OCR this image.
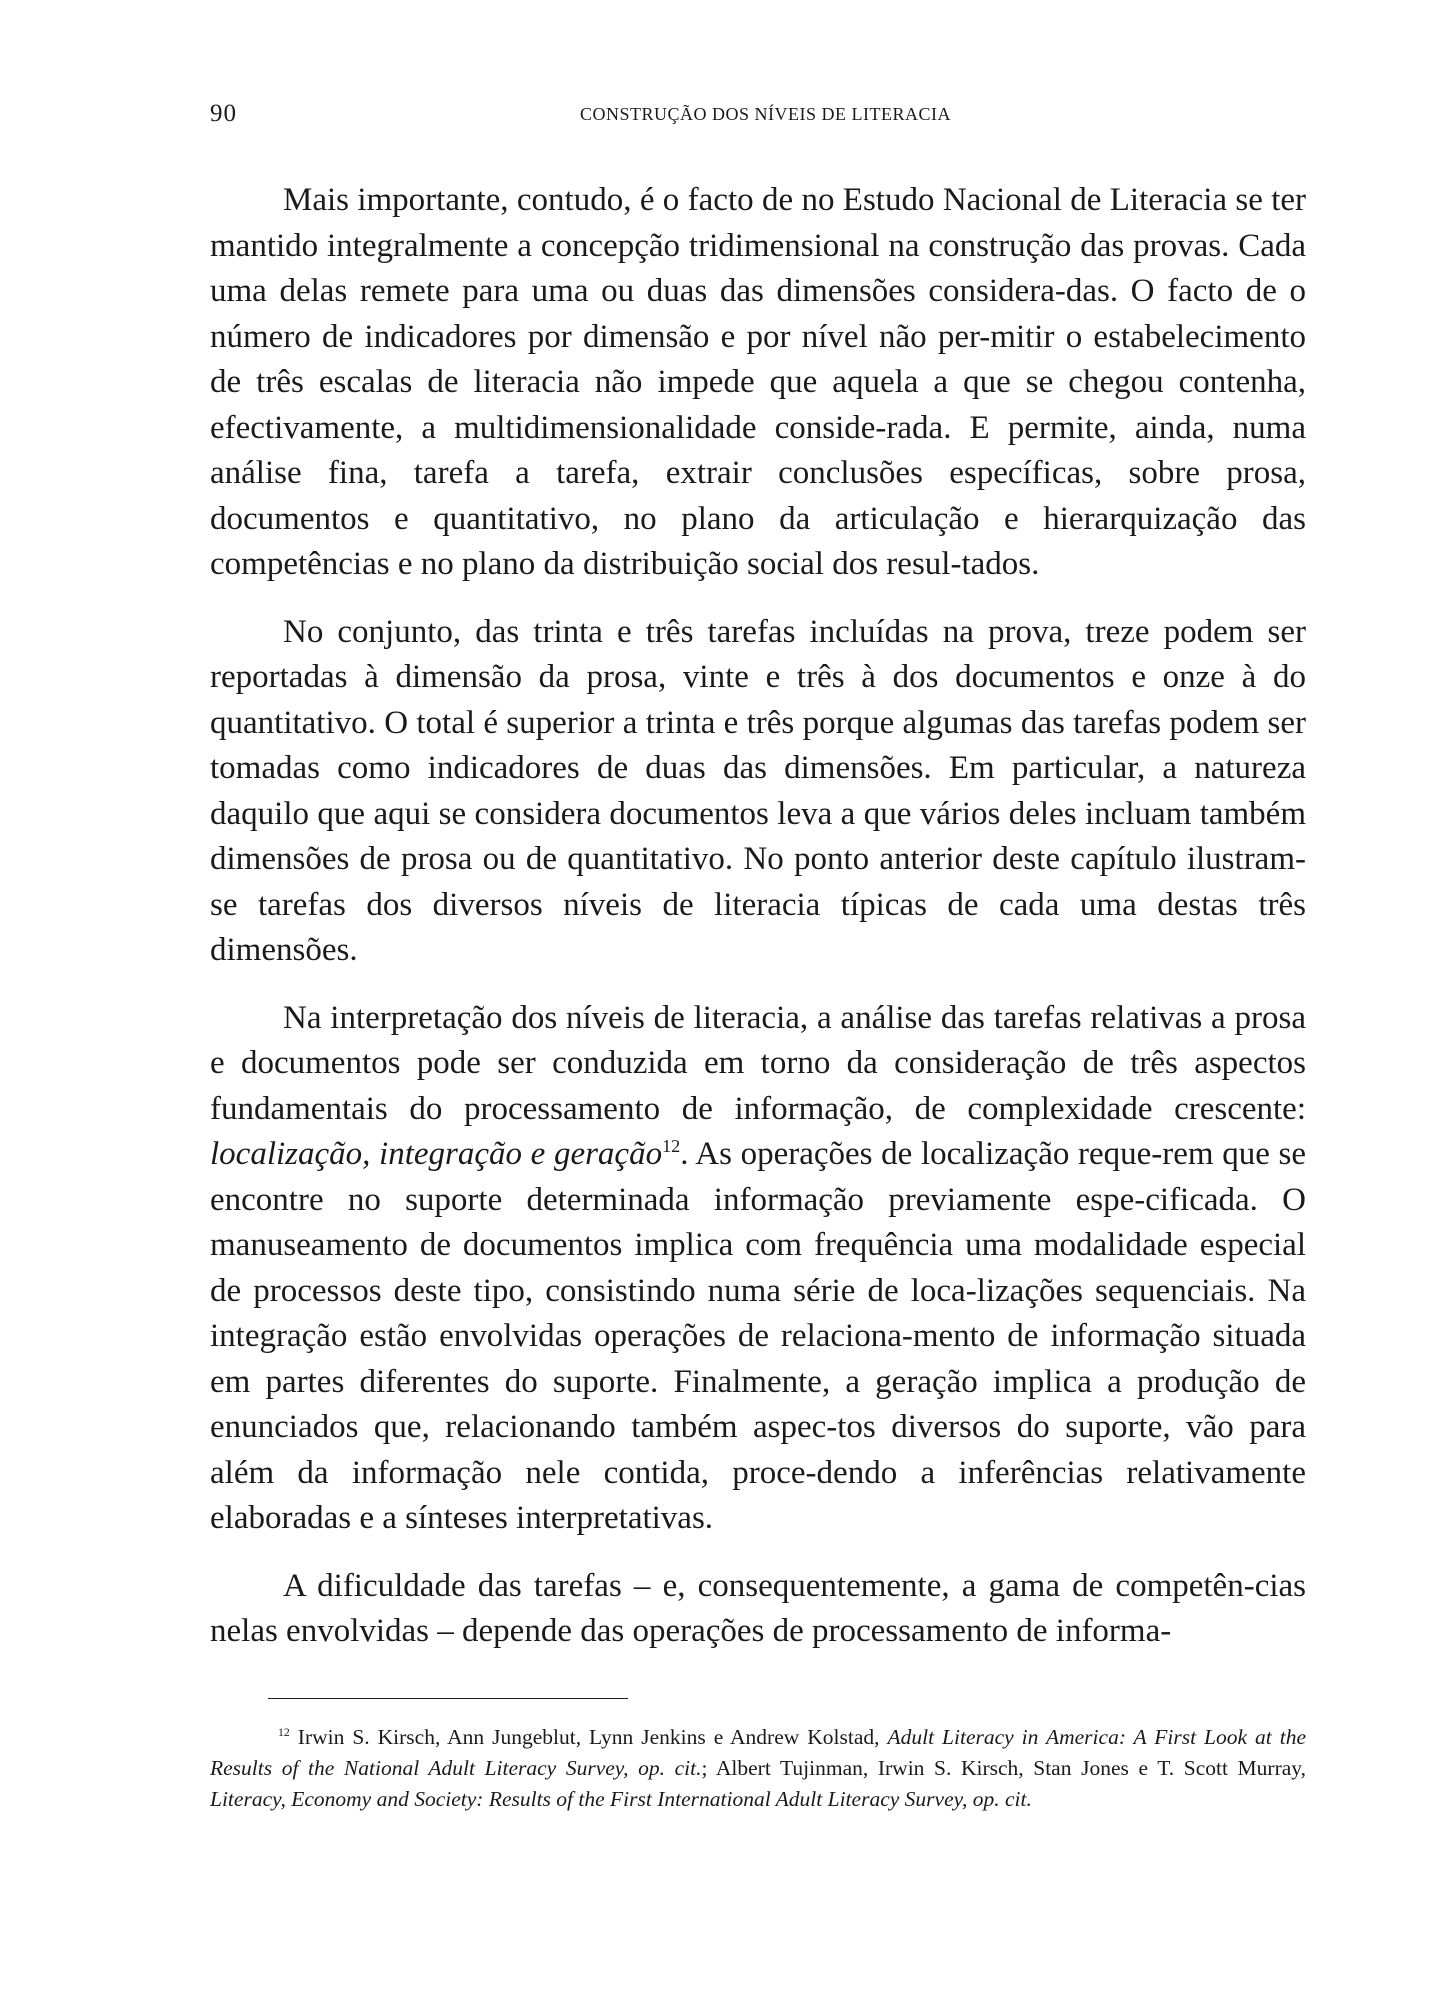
90	CONSTRUÇÃO DOS NÍVEIS DE LITERACIA

Mais importante, contudo, é o facto de no Estudo Nacional de Literacia se ter mantido integralmente a concepção tridimensional na construção das provas. Cada uma delas remete para uma ou duas das dimensões considera-das. O facto de o número de indicadores por dimensão e por nível não per-mitir o estabelecimento de três escalas de literacia não impede que aquela a que se chegou contenha, efectivamente, a multidimensionalidade conside-rada. E permite, ainda, numa análise fina, tarefa a tarefa, extrair conclusões específicas, sobre prosa, documentos e quantitativo, no plano da articulação e hierarquização das competências e no plano da distribuição social dos resul-tados.

No conjunto, das trinta e três tarefas incluídas na prova, treze podem ser reportadas à dimensão da prosa, vinte e três à dos documentos e onze à do quantitativo. O total é superior a trinta e três porque algumas das tarefas podem ser tomadas como indicadores de duas das dimensões. Em particular, a natureza daquilo que aqui se considera documentos leva a que vários deles incluam também dimensões de prosa ou de quantitativo. No ponto anterior deste capítulo ilustram-se tarefas dos diversos níveis de literacia típicas de cada uma destas três dimensões.

Na interpretação dos níveis de literacia, a análise das tarefas relativas a prosa e documentos pode ser conduzida em torno da consideração de três aspectos fundamentais do processamento de informação, de complexidade crescente: localização, integração e geração$^{12}$. As operações de localização reque-rem que se encontre no suporte determinada informação previamente espe-cificada. O manuseamento de documentos implica com frequência uma modalidade especial de processos deste tipo, consistindo numa série de loca-lizações sequenciais. Na integração estão envolvidas operações de relaciona-mento de informação situada em partes diferentes do suporte. Finalmente, a geração implica a produção de enunciados que, relacionando também aspec-tos diversos do suporte, vão para além da informação nele contida, proce-dendo a inferências relativamente elaboradas e a sínteses interpretativas.

A dificuldade das tarefas – e, consequentemente, a gama de competên-cias nelas envolvidas – depende das operações de processamento de informa-

$^{12}$ Irwin S. Kirsch, Ann Jungeblut, Lynn Jenkins e Andrew Kolstad, Adult Literacy in America: A First Look at the Results of the National Adult Literacy Survey, op. cit.; Albert Tujinman, Irwin S. Kirsch, Stan Jones e T. Scott Murray, Literacy, Economy and Society: Results of the First International Adult Literacy Survey, op. cit.
